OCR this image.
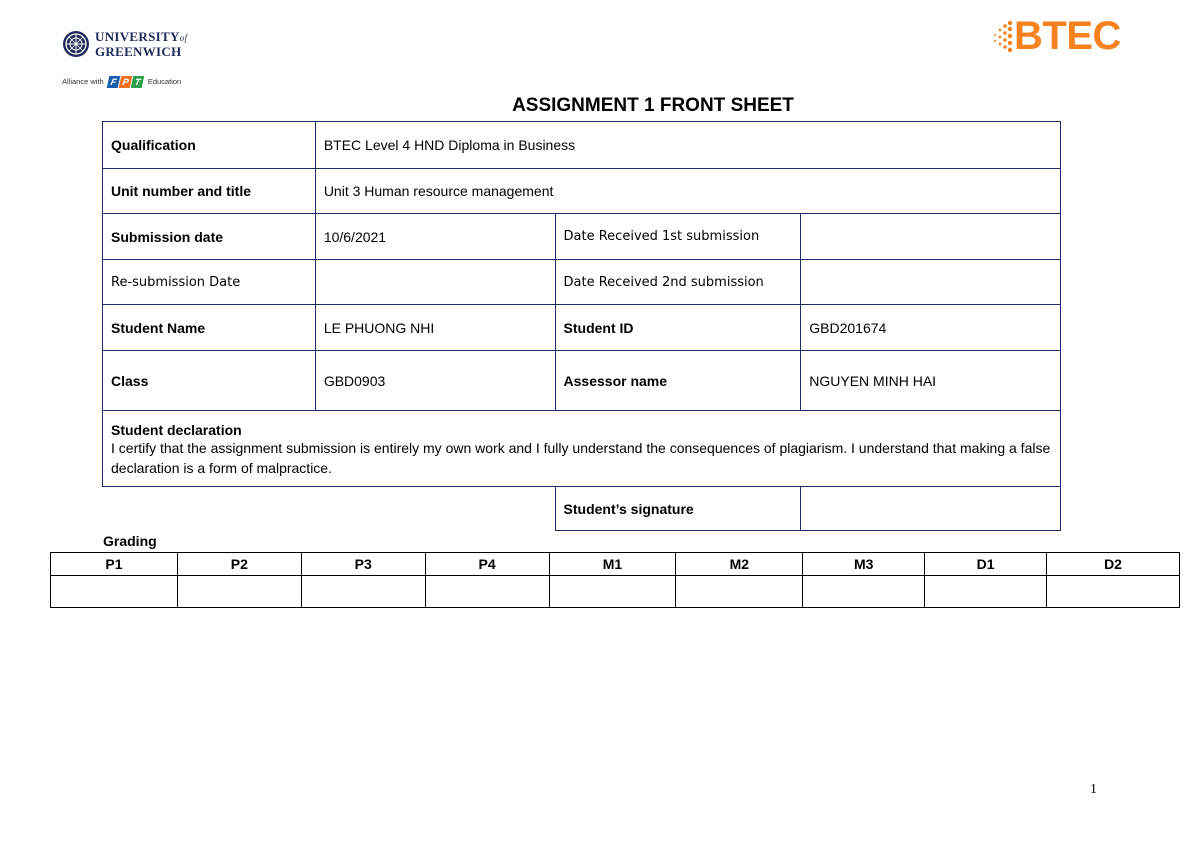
UNIVERSITYof
GREENWICH
Alliance with F P T Education
BTEC
ASSIGNMENT 1 FRONT SHEET
Qualification	BTEC Level 4 HND Diploma in Business		
Unit number and title	Unit 3 Human resource management		
Submission date	10/6/2021	Date Received 1st submission	
Re-submission Date		Date Received 2nd submission	
Student Name	LE PHUONG NHI	Student ID	GBD201674
Class	GBD0903	Assessor name	NGUYEN MINH HAI

Student declaration
I certify that the assignment submission is entirely my own work and I fully understand the consequences of plagiarism. I understand that making a false declaration is a form of malpractice.			

		Student’s signature	
Grading
P1	P2	P3	P4	M1	M2	M3	D1	D2

1
